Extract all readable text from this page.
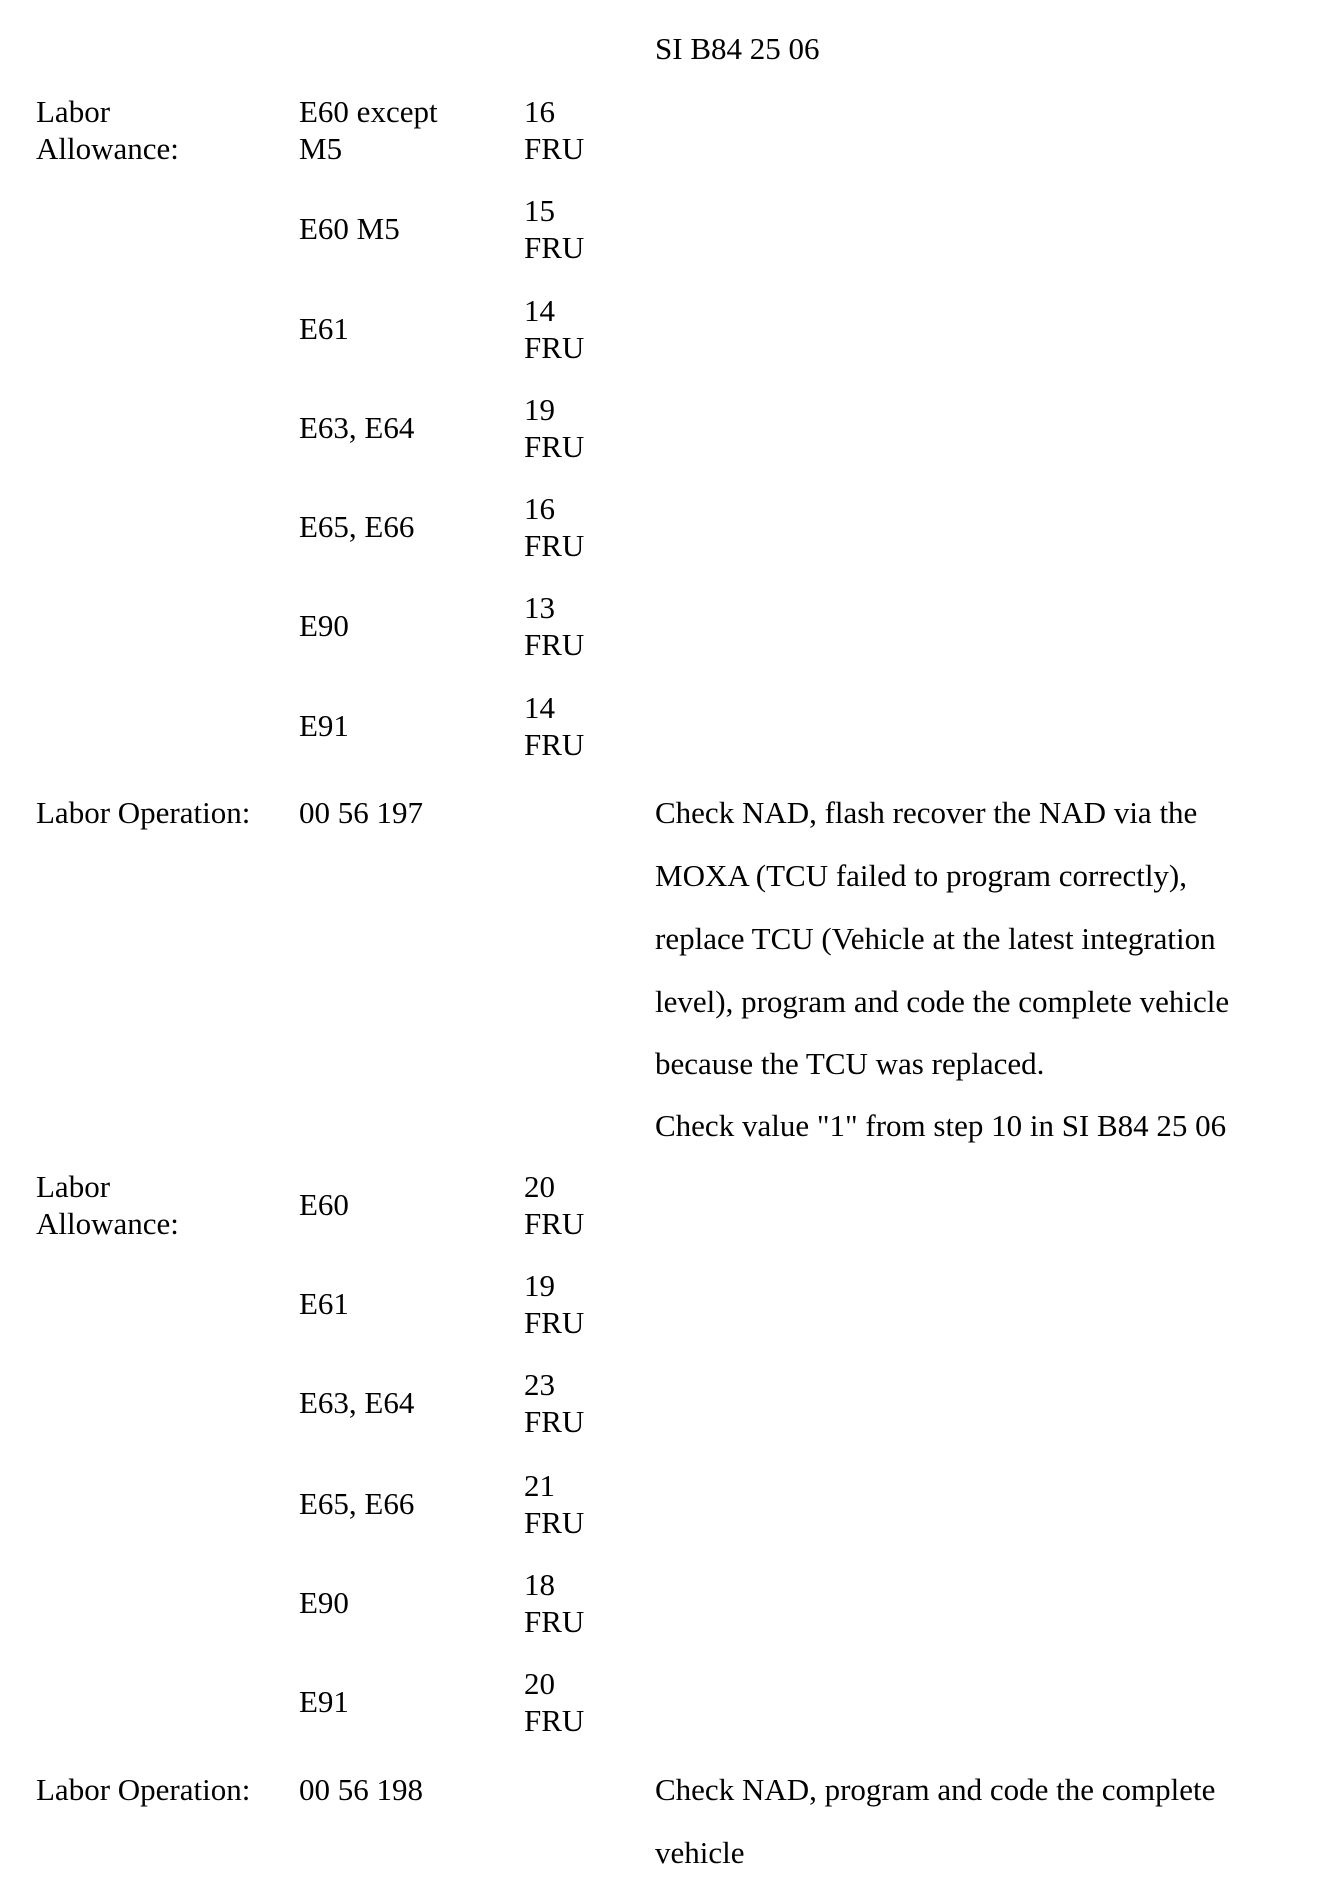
SI B84 25 06
Labor
Allowance:
E60 except
M5
16
FRU
E60 M5
15
FRU
E61
14
FRU
E63, E64
19
FRU
E65, E66
16
FRU
E90
13
FRU
E91
14
FRU
Labor Operation: 00 56 197	Check NAD, flash recover the NAD via the
MOXA (TCU failed to program correctly),
replace TCU (Vehicle at the latest integration
level), program and code the complete vehicle
because the TCU was replaced.
Check value "1" from step 10 in SI B84 25 06
Labor
Allowance:
E60
20
FRU
E61
19
FRU
E63, E64
23
FRU
E65, E66
21
FRU
E90
18
FRU
E91
20
FRU
Labor Operation: 00 56 198	Check NAD, program and code the complete
vehicle
